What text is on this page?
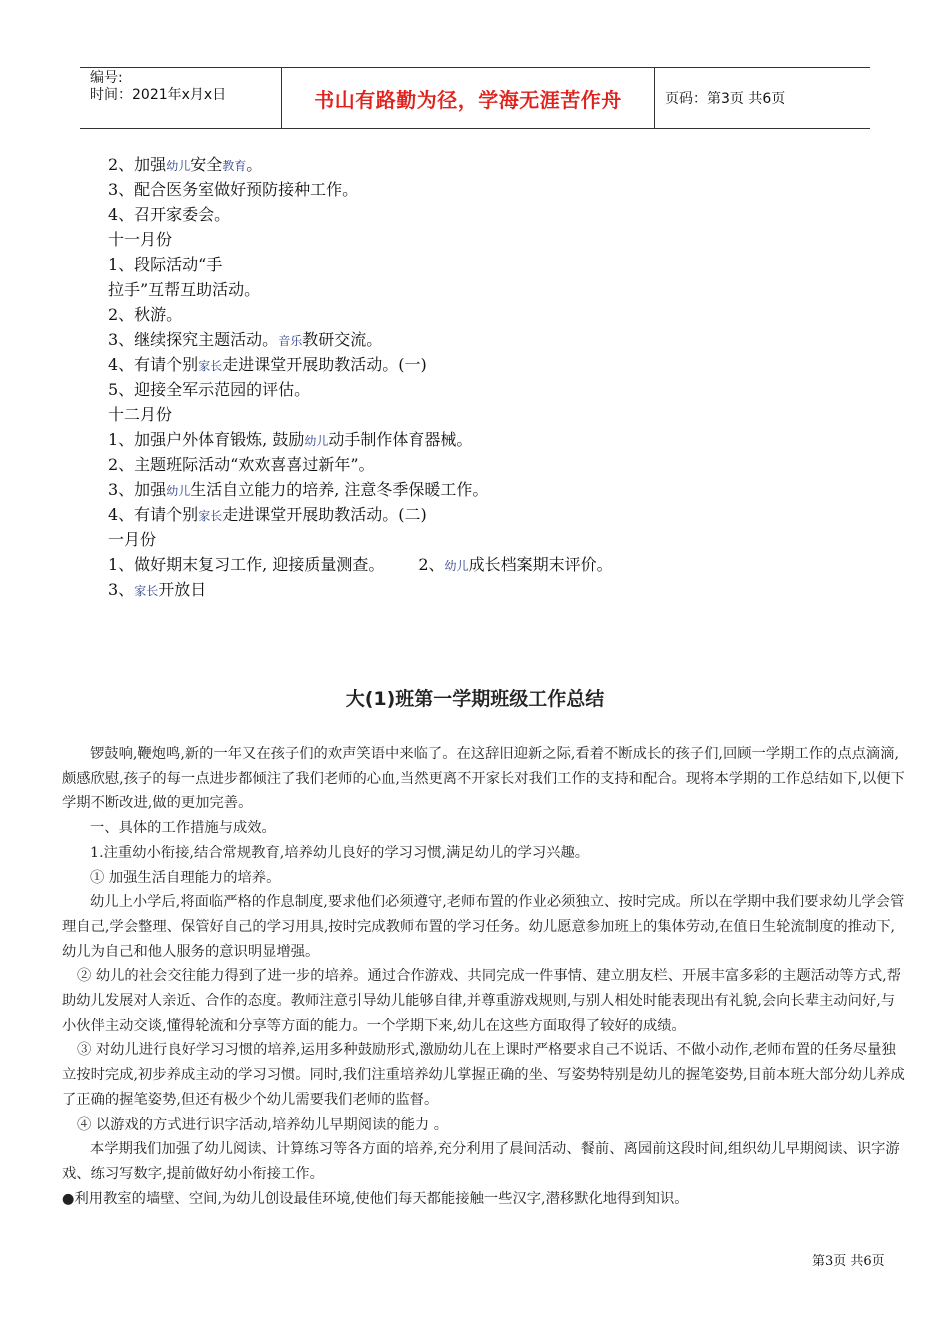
编号:
时间：2021年x月x日	书山有路勤为径，学海无涯苦作舟	页码：第3页 共6页
2、加强幼儿安全教育。
3、配合医务室做好预防接种工作。
4、召开家委会。
十一月份
1、段际活动“手
拉手”互帮互助活动。
2、秋游。
3、继续探究主题活动。音乐教研交流。
4、有请个别家长走进课堂开展助教活动。(一)
5、迎接全军示范园的评估。
十二月份
1、加强户外体育锻炼, 鼓励幼儿动手制作体育器械。
2、主题班际活动“欢欢喜喜过新年”。
3、加强幼儿生活自立能力的培养, 注意冬季保暖工作。
4、有请个别家长走进课堂开展助教活动。(二)
一月份
1、做好期末复习工作, 迎接质量测查。 2、幼儿成长档案期末评价。
3、家长开放日
大(1)班第一学期班级工作总结
锣鼓响,鞭炮鸣,新的一年又在孩子们的欢声笑语中来临了。在这辞旧迎新之际,看着不断成长的孩子们,回顾一学期工作的点点滴滴,颇感欣慰,孩子的每一点进步都倾注了我们老师的心血,当然更离不开家长对我们工作的支持和配合。现将本学期的工作总结如下,以便下学期不断改进,做的更加完善。
一、具体的工作措施与成效。
1.注重幼小衔接,结合常规教育,培养幼儿良好的学习习惯,满足幼儿的学习兴趣。
① 加强生活自理能力的培养。
幼儿上小学后,将面临严格的作息制度,要求他们必须遵守,老师布置的作业必须独立、按时完成。所以在学期中我们要求幼儿学会管理自己,学会整理、保管好自己的学习用具,按时完成教师布置的学习任务。幼儿愿意参加班上的集体劳动,在值日生轮流制度的推动下,幼儿为自己和他人服务的意识明显增强。
② 幼儿的社会交往能力得到了进一步的培养。通过合作游戏、共同完成一件事情、建立朋友栏、开展丰富多彩的主题活动等方式,帮助幼儿发展对人亲近、合作的态度。教师注意引导幼儿能够自律,并尊重游戏规则,与别人相处时能表现出有礼貌,会向长辈主动问好,与小伙伴主动交谈,懂得轮流和分享等方面的能力。一个学期下来,幼儿在这些方面取得了较好的成绩。
③ 对幼儿进行良好学习习惯的培养,运用多种鼓励形式,激励幼儿在上课时严格要求自己不说话、不做小动作,老师布置的任务尽量独立按时完成,初步养成主动的学习习惯。同时,我们注重培养幼儿掌握正确的坐、写姿势特别是幼儿的握笔姿势,目前本班大部分幼儿养成了正确的握笔姿势,但还有极少个幼儿需要我们老师的监督。
④ 以游戏的方式进行识字活动,培养幼儿早期阅读的能力 。
本学期我们加强了幼儿阅读、计算练习等各方面的培养,充分利用了晨间活动、餐前、离园前这段时间,组织幼儿早期阅读、识字游戏、练习写数字,提前做好幼小衔接工作。
●利用教室的墙壁、空间,为幼儿创设最佳环境,使他们每天都能接触一些汉字,潜移默化地得到知识。
第3页 共6页
